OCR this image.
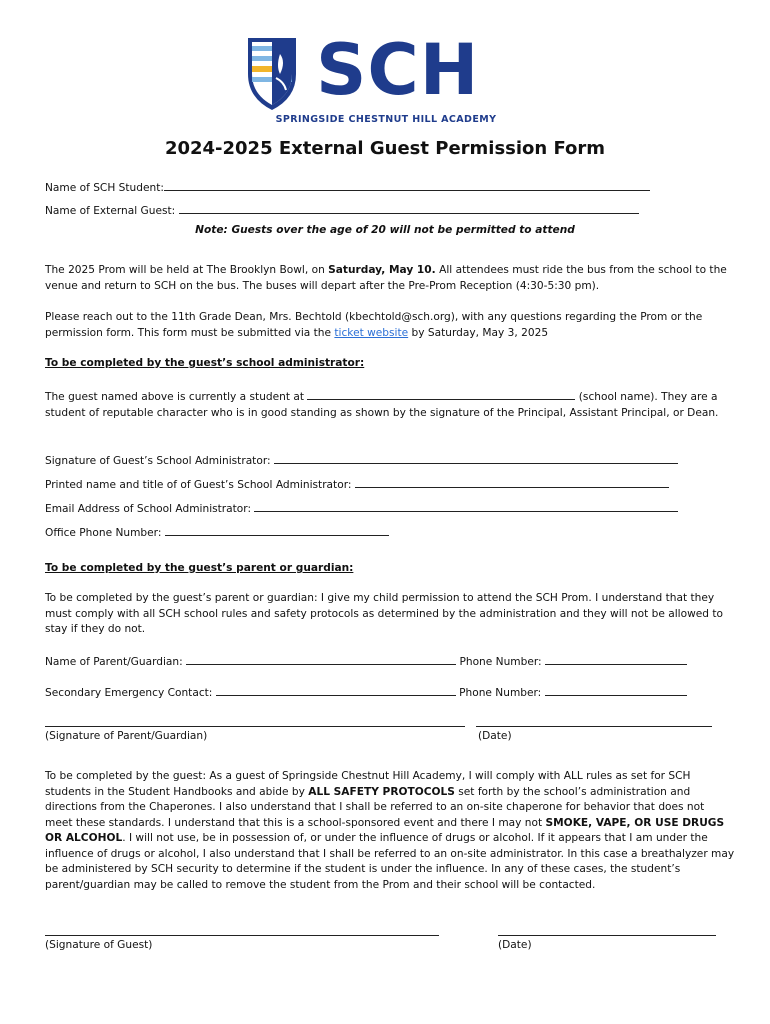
SCH
SPRINGSIDE CHESTNUT HILL ACADEMY
2024-2025 External Guest Permission Form
Name of SCH Student:
Name of External Guest:
Note: Guests over the age of 20 will not be permitted to attend
The 2025 Prom will be held at The Brooklyn Bowl, on Saturday, May 10. All attendees must ride the bus from the school to the venue and return to SCH on the bus. The buses will depart after the Pre-Prom Reception (4:30-5:30 pm).
Please reach out to the 11th Grade Dean, Mrs. Bechtold (kbechtold@sch.org), with any questions regarding the Prom or the permission form. This form must be submitted via the ticket website by Saturday, May 3, 2025
To be completed by the guest’s school administrator:
The guest named above is currently a student at	(school name). They are a student of reputable character who is in good standing as shown by the signature of the Principal, Assistant Principal, or Dean.
Signature of Guest’s School Administrator:
Printed name and title of of Guest’s School Administrator:
Email Address of School Administrator:
Office Phone Number:
To be completed by the guest’s parent or guardian:
To be completed by the guest’s parent or guardian: I give my child permission to attend the SCH Prom. I understand that they must comply with all SCH school rules and safety protocols as determined by the administration and they will not be allowed to stay if they do not.
Name of Parent/Guardian:	Phone Number:
Secondary Emergency Contact:	Phone Number:
(Signature of Parent/Guardian)	(Date)
To be completed by the guest: As a guest of Springside Chestnut Hill Academy, I will comply with ALL rules as set for SCH students in the Student Handbooks and abide by ALL SAFETY PROTOCOLS set forth by the school’s administration and directions from the Chaperones. I also understand that I shall be referred to an on-site chaperone for behavior that does not meet these standards. I understand that this is a school-sponsored event and there I may not SMOKE, VAPE, OR USE DRUGS OR ALCOHOL. I will not use, be in possession of, or under the influence of drugs or alcohol. If it appears that I am under the influence of drugs or alcohol, I also understand that I shall be referred to an on-site administrator. In this case a breathalyzer may be administered by SCH security to determine if the student is under the influence. In any of these cases, the student’s parent/guardian may be called to remove the student from the Prom and their school will be contacted.
(Signature of Guest)	(Date)
